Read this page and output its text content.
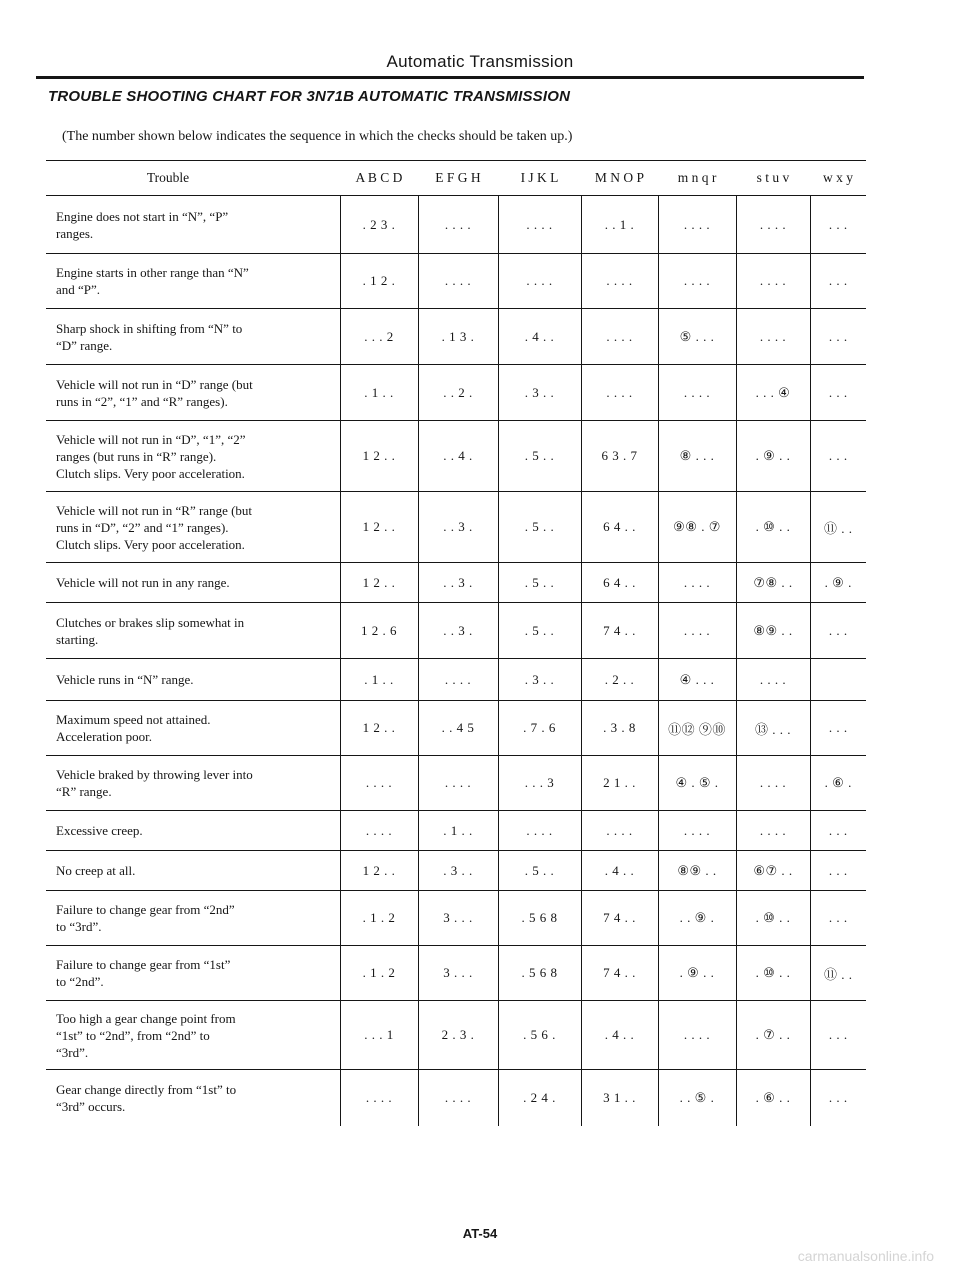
Automatic Transmission
TROUBLE SHOOTING CHART FOR 3N71B AUTOMATIC TRANSMISSION
(The number shown below indicates the sequence in which the checks should be taken up.)
Trouble	A B C D	E F G H	I J K L	M N O P	m n q r	s t u v	w x y

Engine does not start in “N”, “P”
ranges.	. 2 3 .	. . . .	. . . .	. . 1 .	. . . .	. . . .	. . .

Engine starts in other range than “N”
and “P”.	. 1 2 .	. . . .	. . . .	. . . .	. . . .	. . . .	. . .

Sharp shock in shifting from “N” to
“D” range.	. . . 2	. 1 3 .	. 4 . .	. . . .	⑤ . . .	. . . .	. . .

Vehicle will not run in “D” range (but
runs in “2”, “1” and “R” ranges).	. 1 . .	. . 2 .	. 3 . .	. . . .	. . . .	. . . ④	. . .

Vehicle will not run in “D”, “1”, “2”
ranges (but runs in “R” range).
Clutch slips. Very poor acceleration.	1 2 . .	. . 4 .	. 5 . .	6 3 . 7	⑧ . . .	. ⑨ . .	. . .

Vehicle will not run in “R” range (but
runs in “D”, “2” and “1” ranges).
Clutch slips. Very poor acceleration.	1 2 . .	. . 3 .	. 5 . .	6 4 . .	⑨⑧ . ⑦	. ⑩ . .	⑪ . .

Vehicle will not run in any range.	1 2 . .	. . 3 .	. 5 . .	6 4 . .	. . . .	⑦⑧ . .	. ⑨ .

Clutches or brakes slip somewhat in
starting.	1 2 . 6	. . 3 .	. 5 . .	7 4 . .	. . . .	⑧⑨ . .	. . .

Vehicle runs in “N” range.	. 1 . .	. . . .	. 3 . .	. 2 . .	④ . . .	. . . .	

Maximum speed not attained.
Acceleration poor.	1 2 . .	. . 4 5	. 7 . 6	. 3 . 8	⑪⑫ ⑨⑩	⑬ . . .	. . .

Vehicle braked by throwing lever into
“R” range.	. . . .	. . . .	. . . 3	2 1 . .	④ . ⑤ .	. . . .	. ⑥ .

Excessive creep.	. . . .	. 1 . .	. . . .	. . . .	. . . .	. . . .	. . .

No creep at all.	1 2 . .	. 3 . .	. 5 . .	. 4 . .	⑧⑨ . .	⑥⑦ . .	. . .

Failure to change gear from “2nd”
to “3rd”.	. 1 . 2	3 . . .	. 5 6 8	7 4 . .	. . ⑨ .	. ⑩ . .	. . .

Failure to change gear from “1st”
to “2nd”.	. 1 . 2	3 . . .	. 5 6 8	7 4 . .	. ⑨ . .	. ⑩ . .	⑪ . .

Too high a gear change point from
“1st” to “2nd”, from “2nd” to
“3rd”.	. . . 1	2 . 3 .	. 5 6 .	. 4 . .	. . . .	. ⑦ . .	. . .

Gear change directly from “1st” to
“3rd” occurs.	. . . .	. . . .	. 2 4 .	3 1 . .	. . ⑤ .	. ⑥ . .	. . .
AT-54
carmanualsonline.info
